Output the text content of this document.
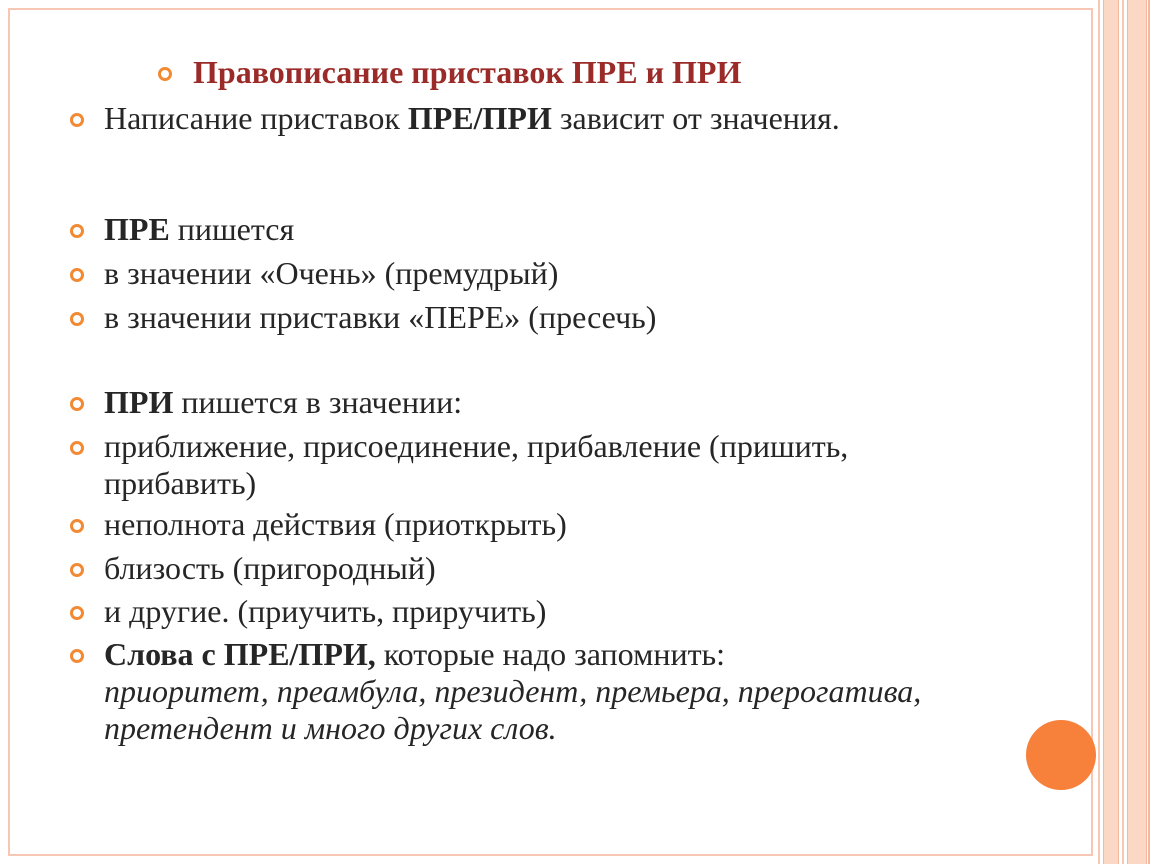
Правописание приставок ПРЕ и ПРИ
Написание приставок ПРЕ/ПРИ зависит от значения.
ПРЕ пишется
в значении «Очень» (премудрый)
в значении приставки «ПЕРЕ» (пресечь)
ПРИ пишется в значении:
приближение, присоединение, прибавление (пришить, прибавить)
неполнота действия (приоткрыть)
близость (пригородный)
и другие. (приучить, приручить)
Слова с ПРЕ/ПРИ, которые надо запомнить:
приоритет, преамбула, президент, премьера, прерогатива, претендент и много других слов.
